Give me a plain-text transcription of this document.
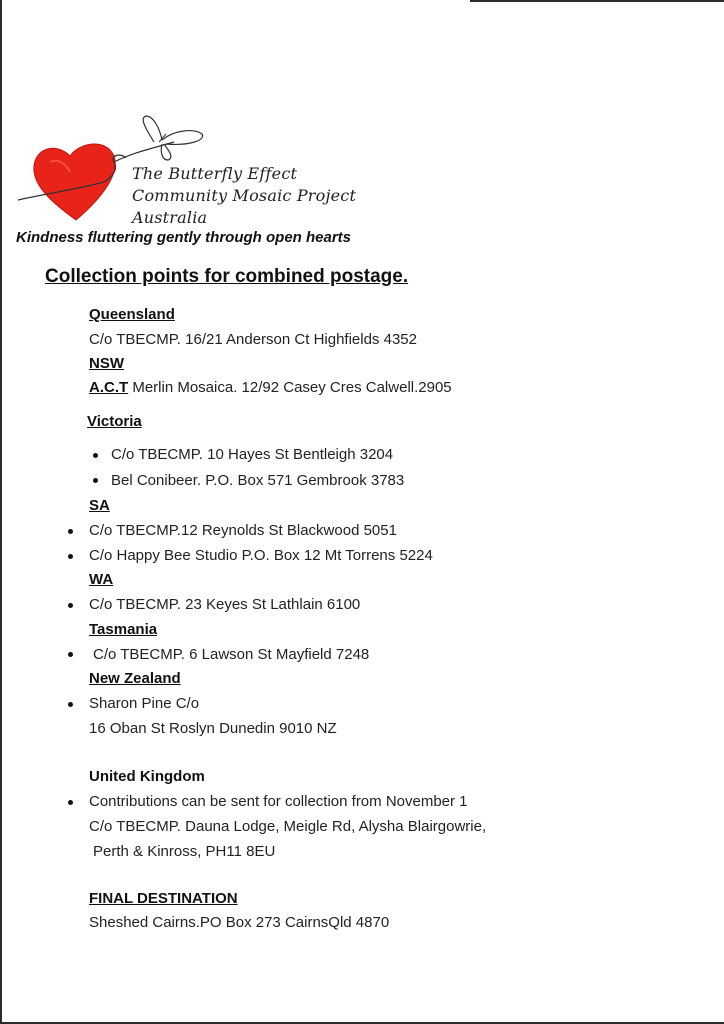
The Butterfly Effect
Community Mosaic Project
Australia
Kindness fluttering gently through open hearts
Collection points for combined postage.
Queensland
C/o TBECMP. 16/21 Anderson Ct Highfields 4352
NSW
A.C.T Merlin Mosaica. 12/92 Casey Cres Calwell.2905
Victoria
C/o TBECMP. 10 Hayes St Bentleigh 3204
Bel Conibeer. P.O. Box 571 Gembrook 3783
SA
C/o TBECMP.12 Reynolds St Blackwood 5051
C/o Happy Bee Studio P.O. Box 12 Mt Torrens 5224
WA
C/o TBECMP. 23 Keyes St Lathlain 6100
Tasmania
C/o TBECMP. 6 Lawson St Mayfield 7248
New Zealand
Sharon Pine C/o
16 Oban St Roslyn Dunedin 9010 NZ
United Kingdom
Contributions can be sent for collection from November 1
C/o TBECMP. Dauna Lodge, Meigle Rd, Alysha Blairgowrie,
Perth & Kinross, PH11 8EU
FINAL DESTINATION
Sheshed Cairns.PO Box 273 CairnsQld 4870
